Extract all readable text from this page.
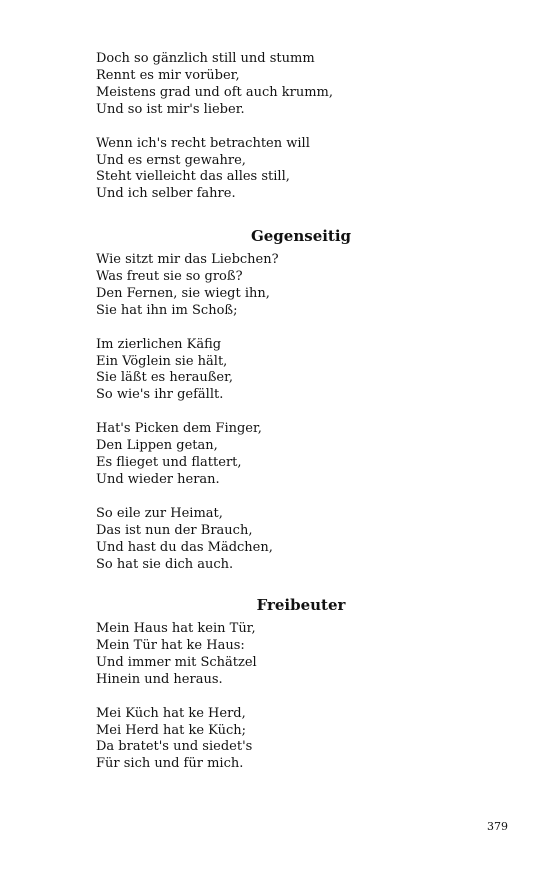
Doch so gänzlich still und stumm
Rennt es mir vorüber,
Meistens grad und oft auch krumm,
Und so ist mir's lieber.
Wenn ich's recht betrachten will
Und es ernst gewahre,
Steht vielleicht das alles still,
Und ich selber fahre.
Gegenseitig
Wie sitzt mir das Liebchen?
Was freut sie so groß?
Den Fernen, sie wiegt ihn,
Sie hat ihn im Schoß;
Im zierlichen Käfig
Ein Vöglein sie hält,
Sie läßt es heraußer,
So wie's ihr gefällt.
Hat's Picken dem Finger,
Den Lippen getan,
Es flieget und flattert,
Und wieder heran.
So eile zur Heimat,
Das ist nun der Brauch,
Und hast du das Mädchen,
So hat sie dich auch.
Freibeuter
Mein Haus hat kein Tür,
Mein Tür hat ke Haus:
Und immer mit Schätzel
Hinein und heraus.
Mei Küch hat ke Herd,
Mei Herd hat ke Küch;
Da bratet's und siedet's
Für sich und für mich.
379
